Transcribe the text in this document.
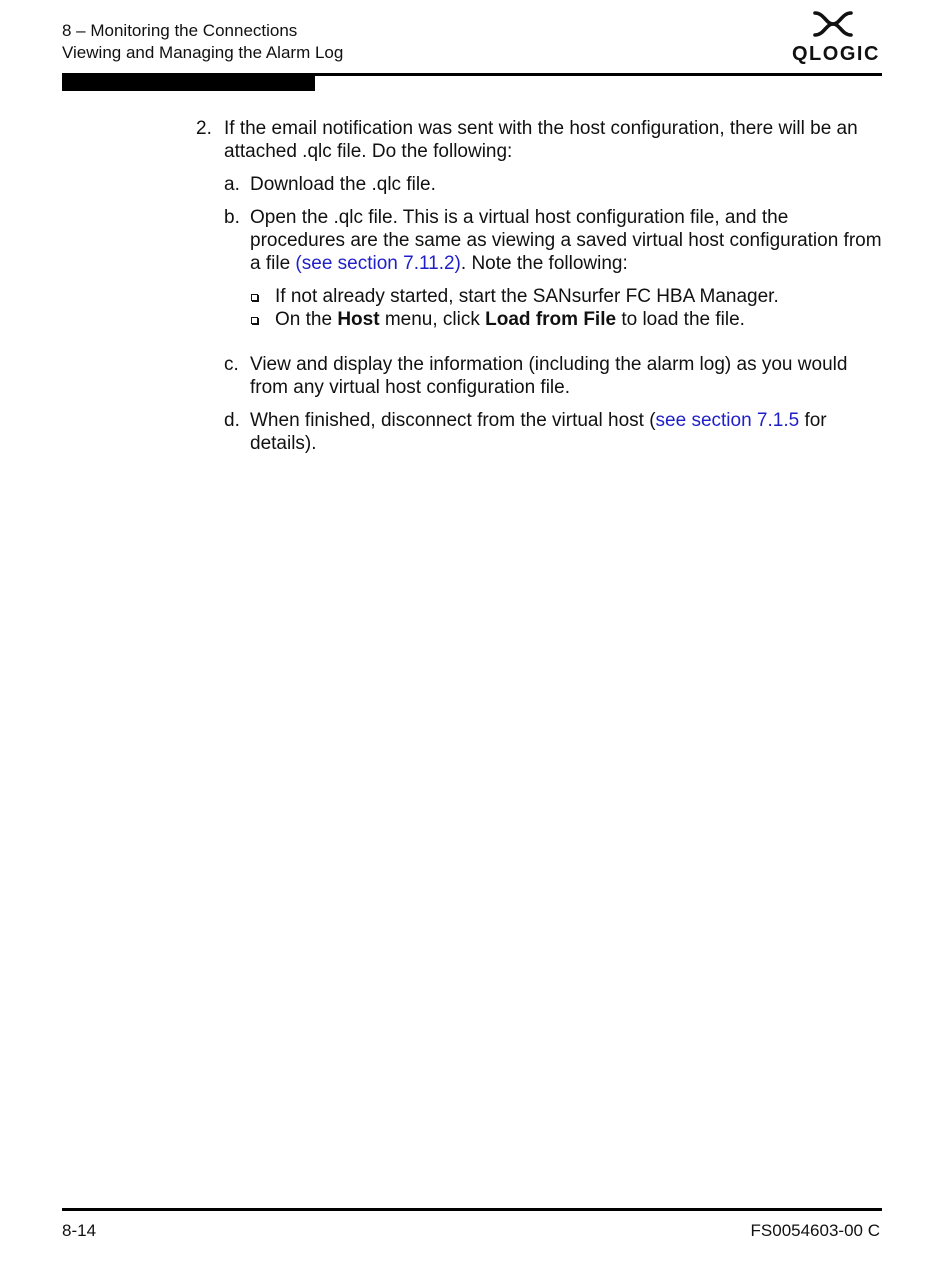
8 – Monitoring the Connections
Viewing and Managing the Alarm Log	QLOGIC
2. If the email notification was sent with the host configuration, there will be an attached .qlc file. Do the following:
a. Download the .qlc file.
b. Open the .qlc file. This is a virtual host configuration file, and the procedures are the same as viewing a saved virtual host configuration from a file (see section 7.11.2). Note the following:
If not already started, start the SANsurfer FC HBA Manager.
On the Host menu, click Load from File to load the file.
c. View and display the information (including the alarm log) as you would from any virtual host configuration file.
d. When finished, disconnect from the virtual host (see section 7.1.5 for details).
8-14	FS0054603-00 C
